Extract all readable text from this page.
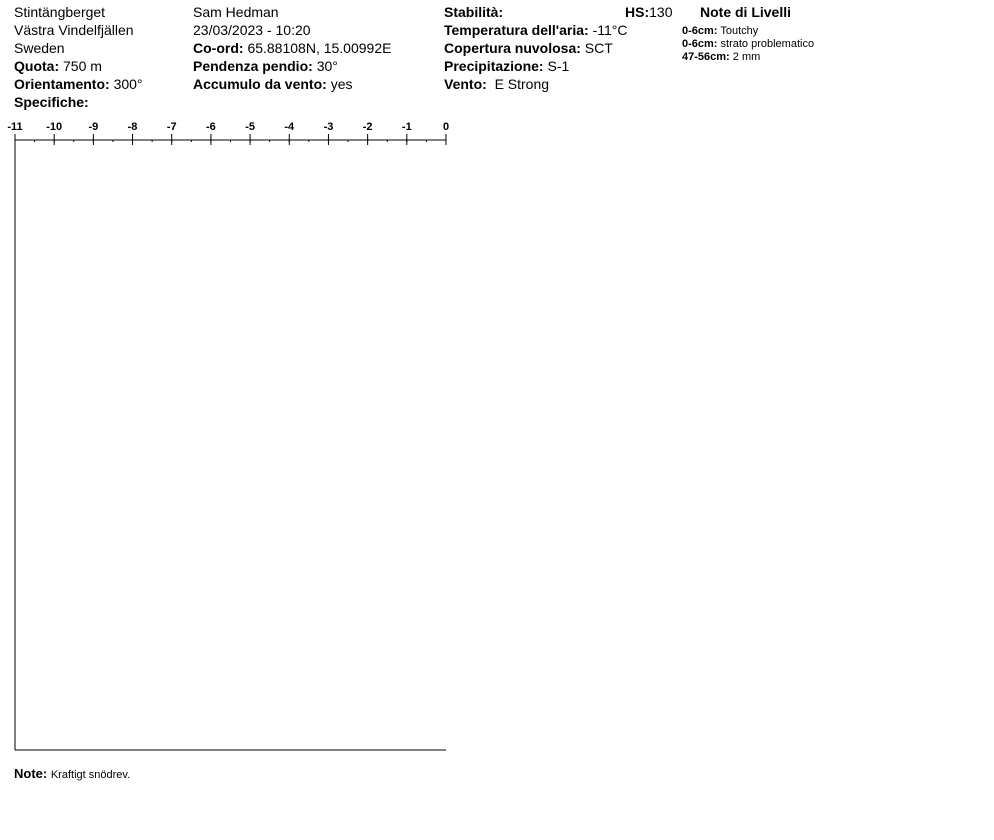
Stintängberget
Västra Vindelfjällen
Sweden
Quota: 750 m
Orientamento: 300°
Specifiche:
Sam Hedman
23/03/2023 - 10:20
Co-ord: 65.88108N, 15.00992E
Pendenza pendio: 30°
Accumulo da vento: yes
Stabilità:	HS:130
Temperatura dell'aria: -11°C
Copertura nuvolosa: SCT
Precipitazione: S-1
Vento: E Strong
Note di Livelli
0-6cm: Toutchy
0-6cm: strato problematico
47-56cm: 2 mm
Note: Kraftigt snödrev.
-11 -10 -9	-8	-7	-6	-5	-4	-3	-2	-1	0
